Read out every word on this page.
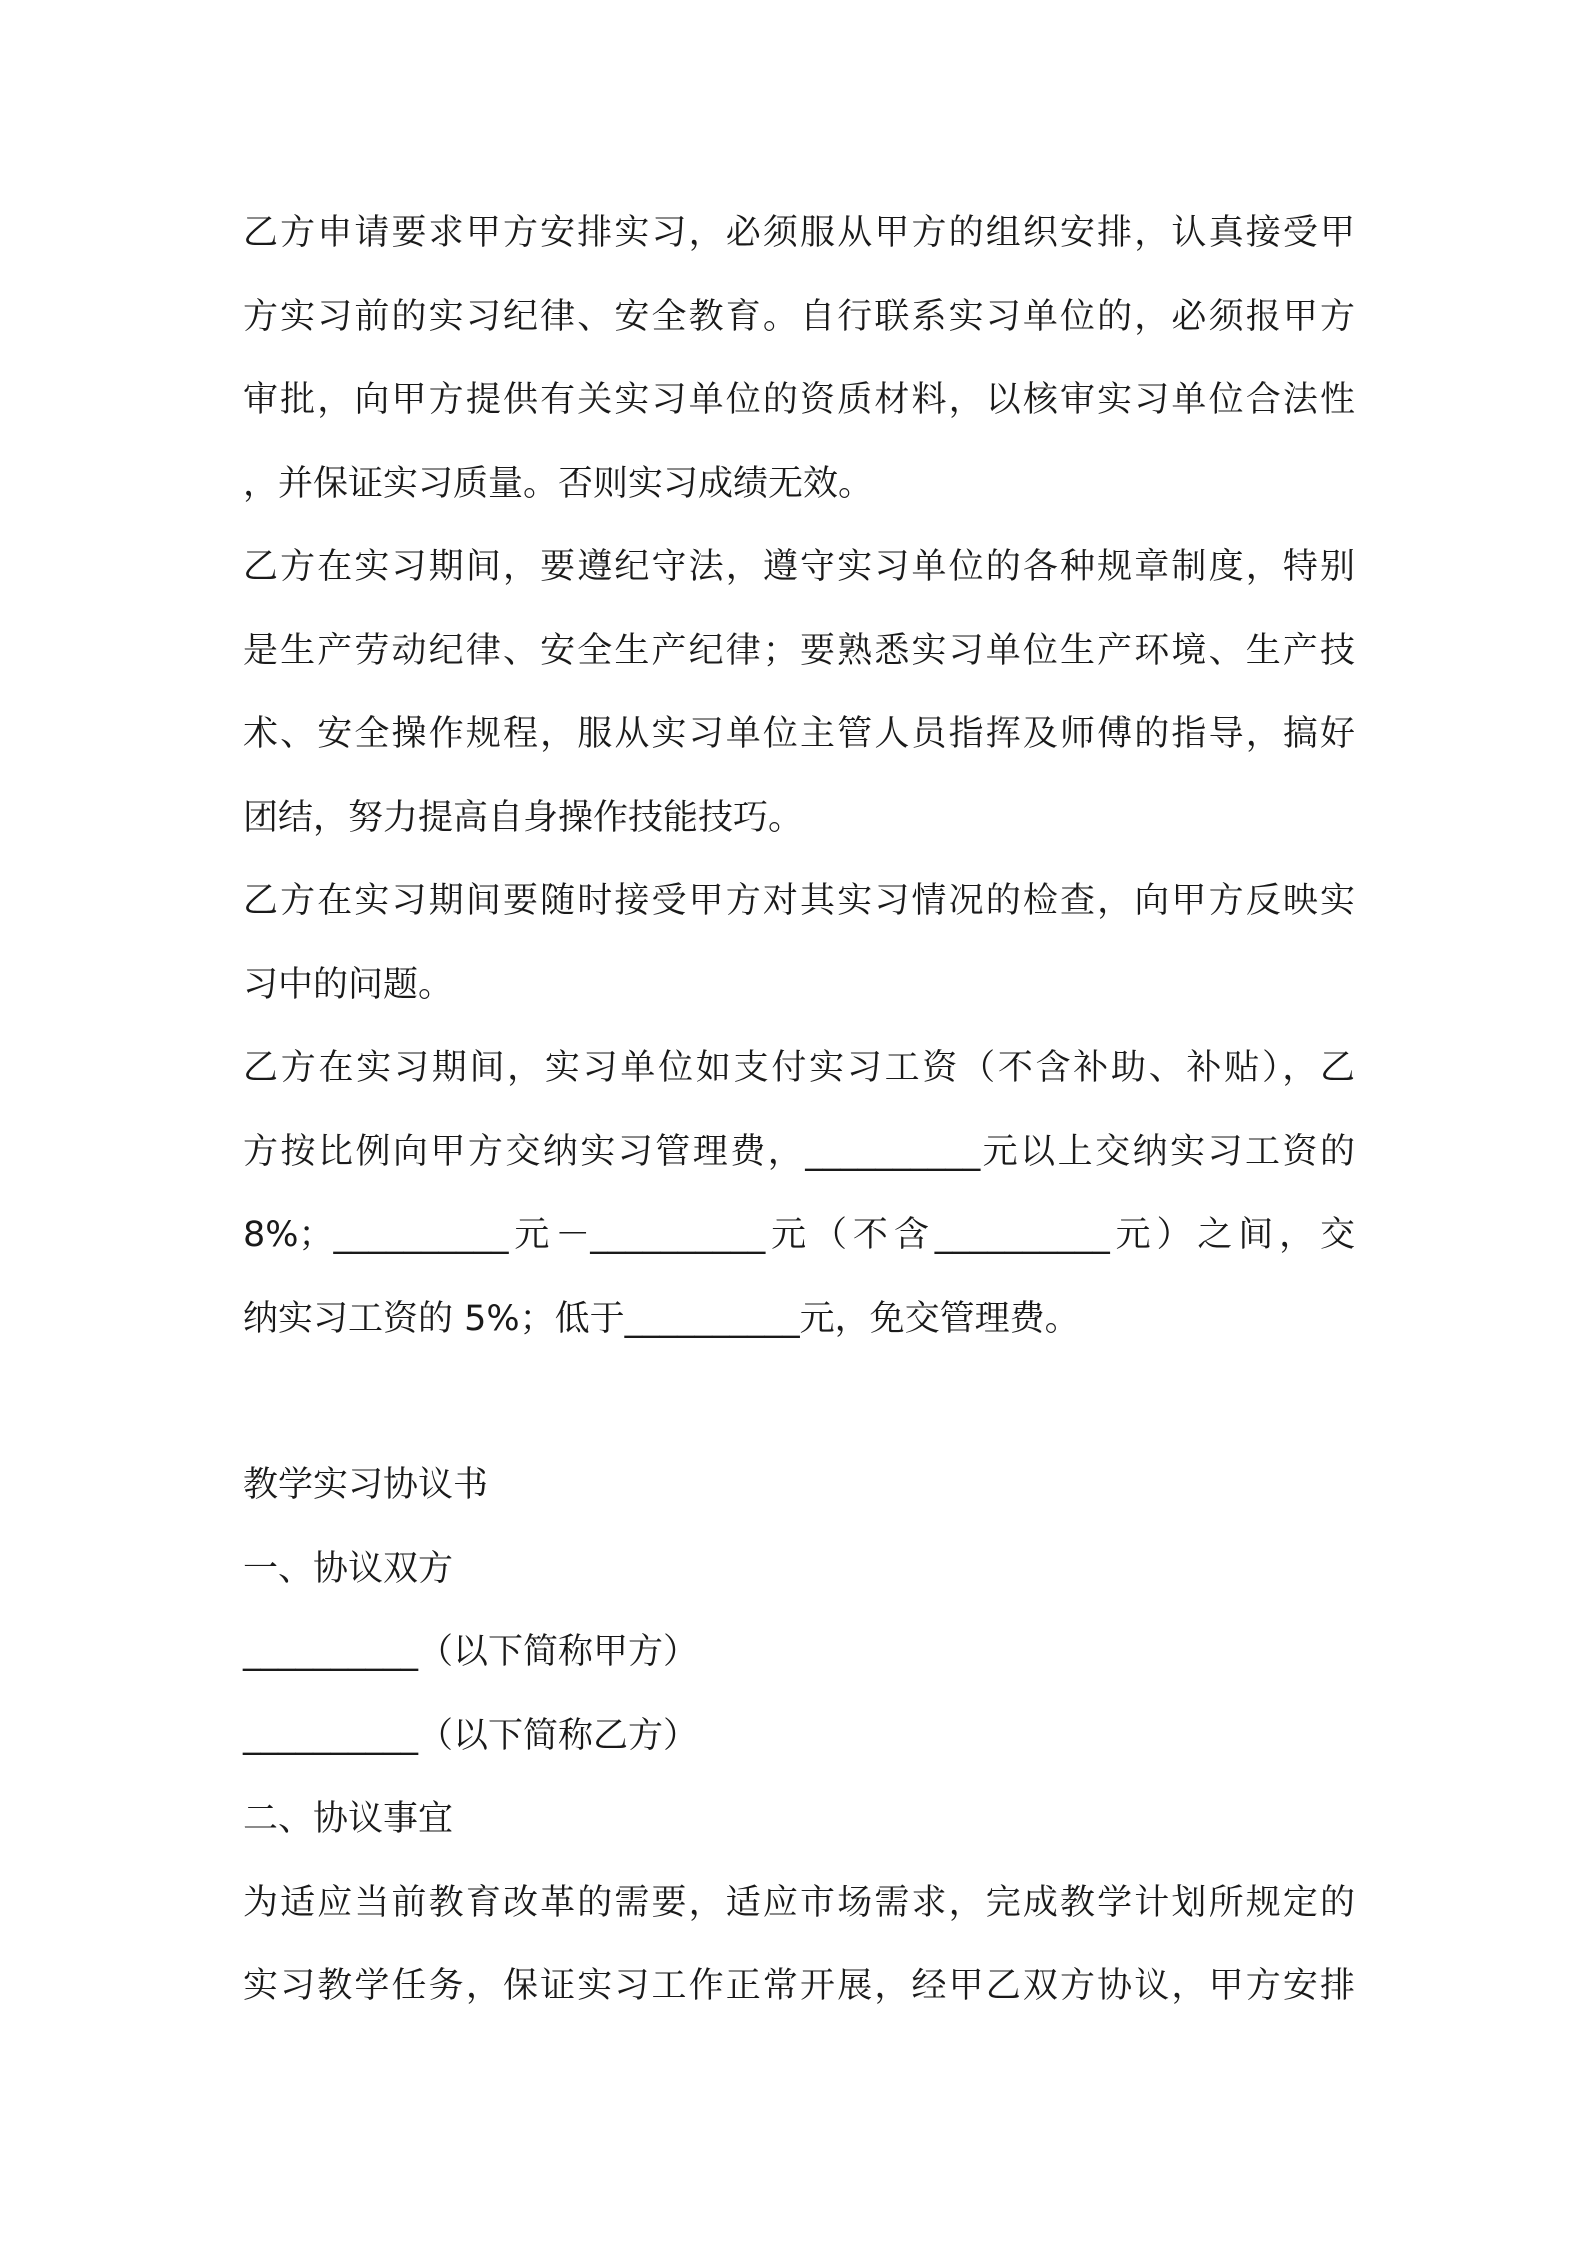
乙方申请要求甲方安排实习，必须服从甲方的组织安排，认真接受甲
方实习前的实习纪律、安全教育。自行联系实习单位的，必须报甲方
审批，向甲方提供有关实习单位的资质材料，以核审实习单位合法性
，并保证实习质量。否则实习成绩无效。
乙方在实习期间，要遵纪守法，遵守实习单位的各种规章制度，特别
是生产劳动纪律、安全生产纪律；要熟悉实习单位生产环境、生产技
术、安全操作规程，服从实习单位主管人员指挥及师傅的指导，搞好
团结，努力提高自身操作技能技巧。
乙方在实习期间要随时接受甲方对其实习情况的检查，向甲方反映实
习中的问题。
乙方在实习期间，实习单位如支付实习工资（不含补助、补贴），乙
方按比例向甲方交纳实习管理费，__________元以上交纳实习工资的
8%；__________元－__________元（不含__________元）之间，交
纳实习工资的 5%；低于__________元，免交管理费。
教学实习协议书
一、协议双方
__________（以下简称甲方）
__________（以下简称乙方）
二、协议事宜
为适应当前教育改革的需要，适应市场需求，完成教学计划所规定的
实习教学任务，保证实习工作正常开展，经甲乙双方协议，甲方安排
